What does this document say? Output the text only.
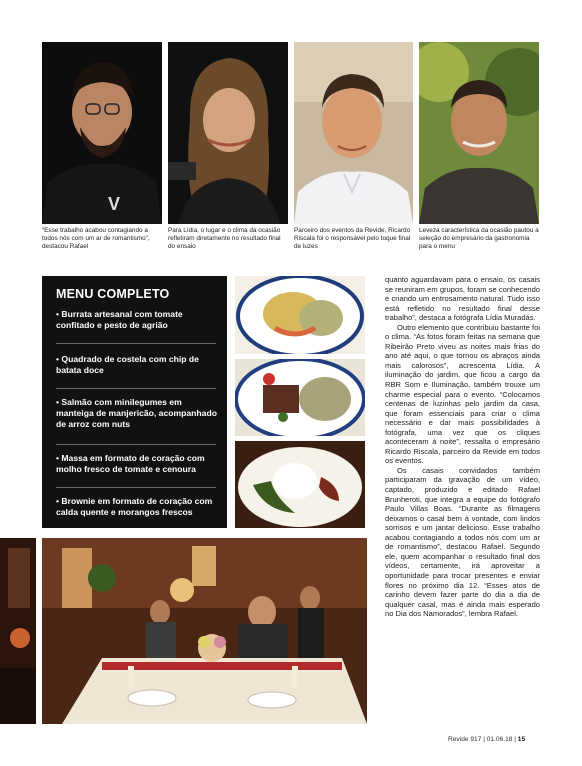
V
“Esse trabalho acabou contagiando a todos nós com um ar de romantismo”, destacou Rafael
Para Lídia, o lugar e o clima da ocasião refletiram diretamente no resultado final do ensaio
Parceiro dos eventos da Revide, Ricardo Riscala foi o responsável pelo toque final de luzes
Leveza característica da ocasião pautou a seleção do empresário da gastronomia para o menu
MENU COMPLETO
• Burrata artesanal com tomate confitado e pesto de agrião
• Quadrado de costela com chip de batata doce
• Salmão com minilegumes em manteiga de manjericão, acompanhado de arroz com nuts
• Massa em formato de coração com molho fresco de tomate e cenoura
• Brownie em formato de coração com calda quente e morangos frescos

quanto aguardavam para o ensaio, os casais se reuniram em grupos, foram se conhecendo e criando um entrosamento natural. Tudo isso está refletido no resultado final desse trabalho”, destaca a fotógrafa Lídia Muradás.

Outro elemento que contribuiu bastante foi o clima. “As fotos foram feitas na semana que Ribeirão Preto viveu as noites mais frias do ano até aqui, o que tornou os abraços ainda mais calorosos”, acrescenta Lídia. A iluminação do jardim, que ficou a cargo da RBR Som e Iluminação, também trouxe um charme especial para o evento. “Colocamos centenas de luzinhas pelo jardim da casa, que foram essenciais para criar o clima necessário e dar mais possibilidades à fotógrafa, uma vez que os cliques aconteceram à noite”, ressalta o empresário Ricardo Riscala, parceiro da Revide em todos os eventos.

Os casais convidados também participaram da gravação de um vídeo, captado, produzido e editado Rafael Brunheroti, que integra a equipe do fotógrafo Paulo Villas Boas. “Durante as filmagens deixamos o casal bem à vontade, com lindos sorrisos e um jantar delicioso. Esse trabalho acabou contagiando a todos nós com um ar de romantismo”, destacou Rafael. Segundo ele, quem acompanhar o resultado final dos vídeos, certamente, irá aproveitar a oportunidade para trocar presentes e enviar flores no próximo dia 12. “Esses atos de carinho devem fazer parte do dia a dia de qualquer casal, mas é ainda mais esperado no Dia dos Namorados”, lembra Rafael.

Revide 917 | 01.06.18 | 15
